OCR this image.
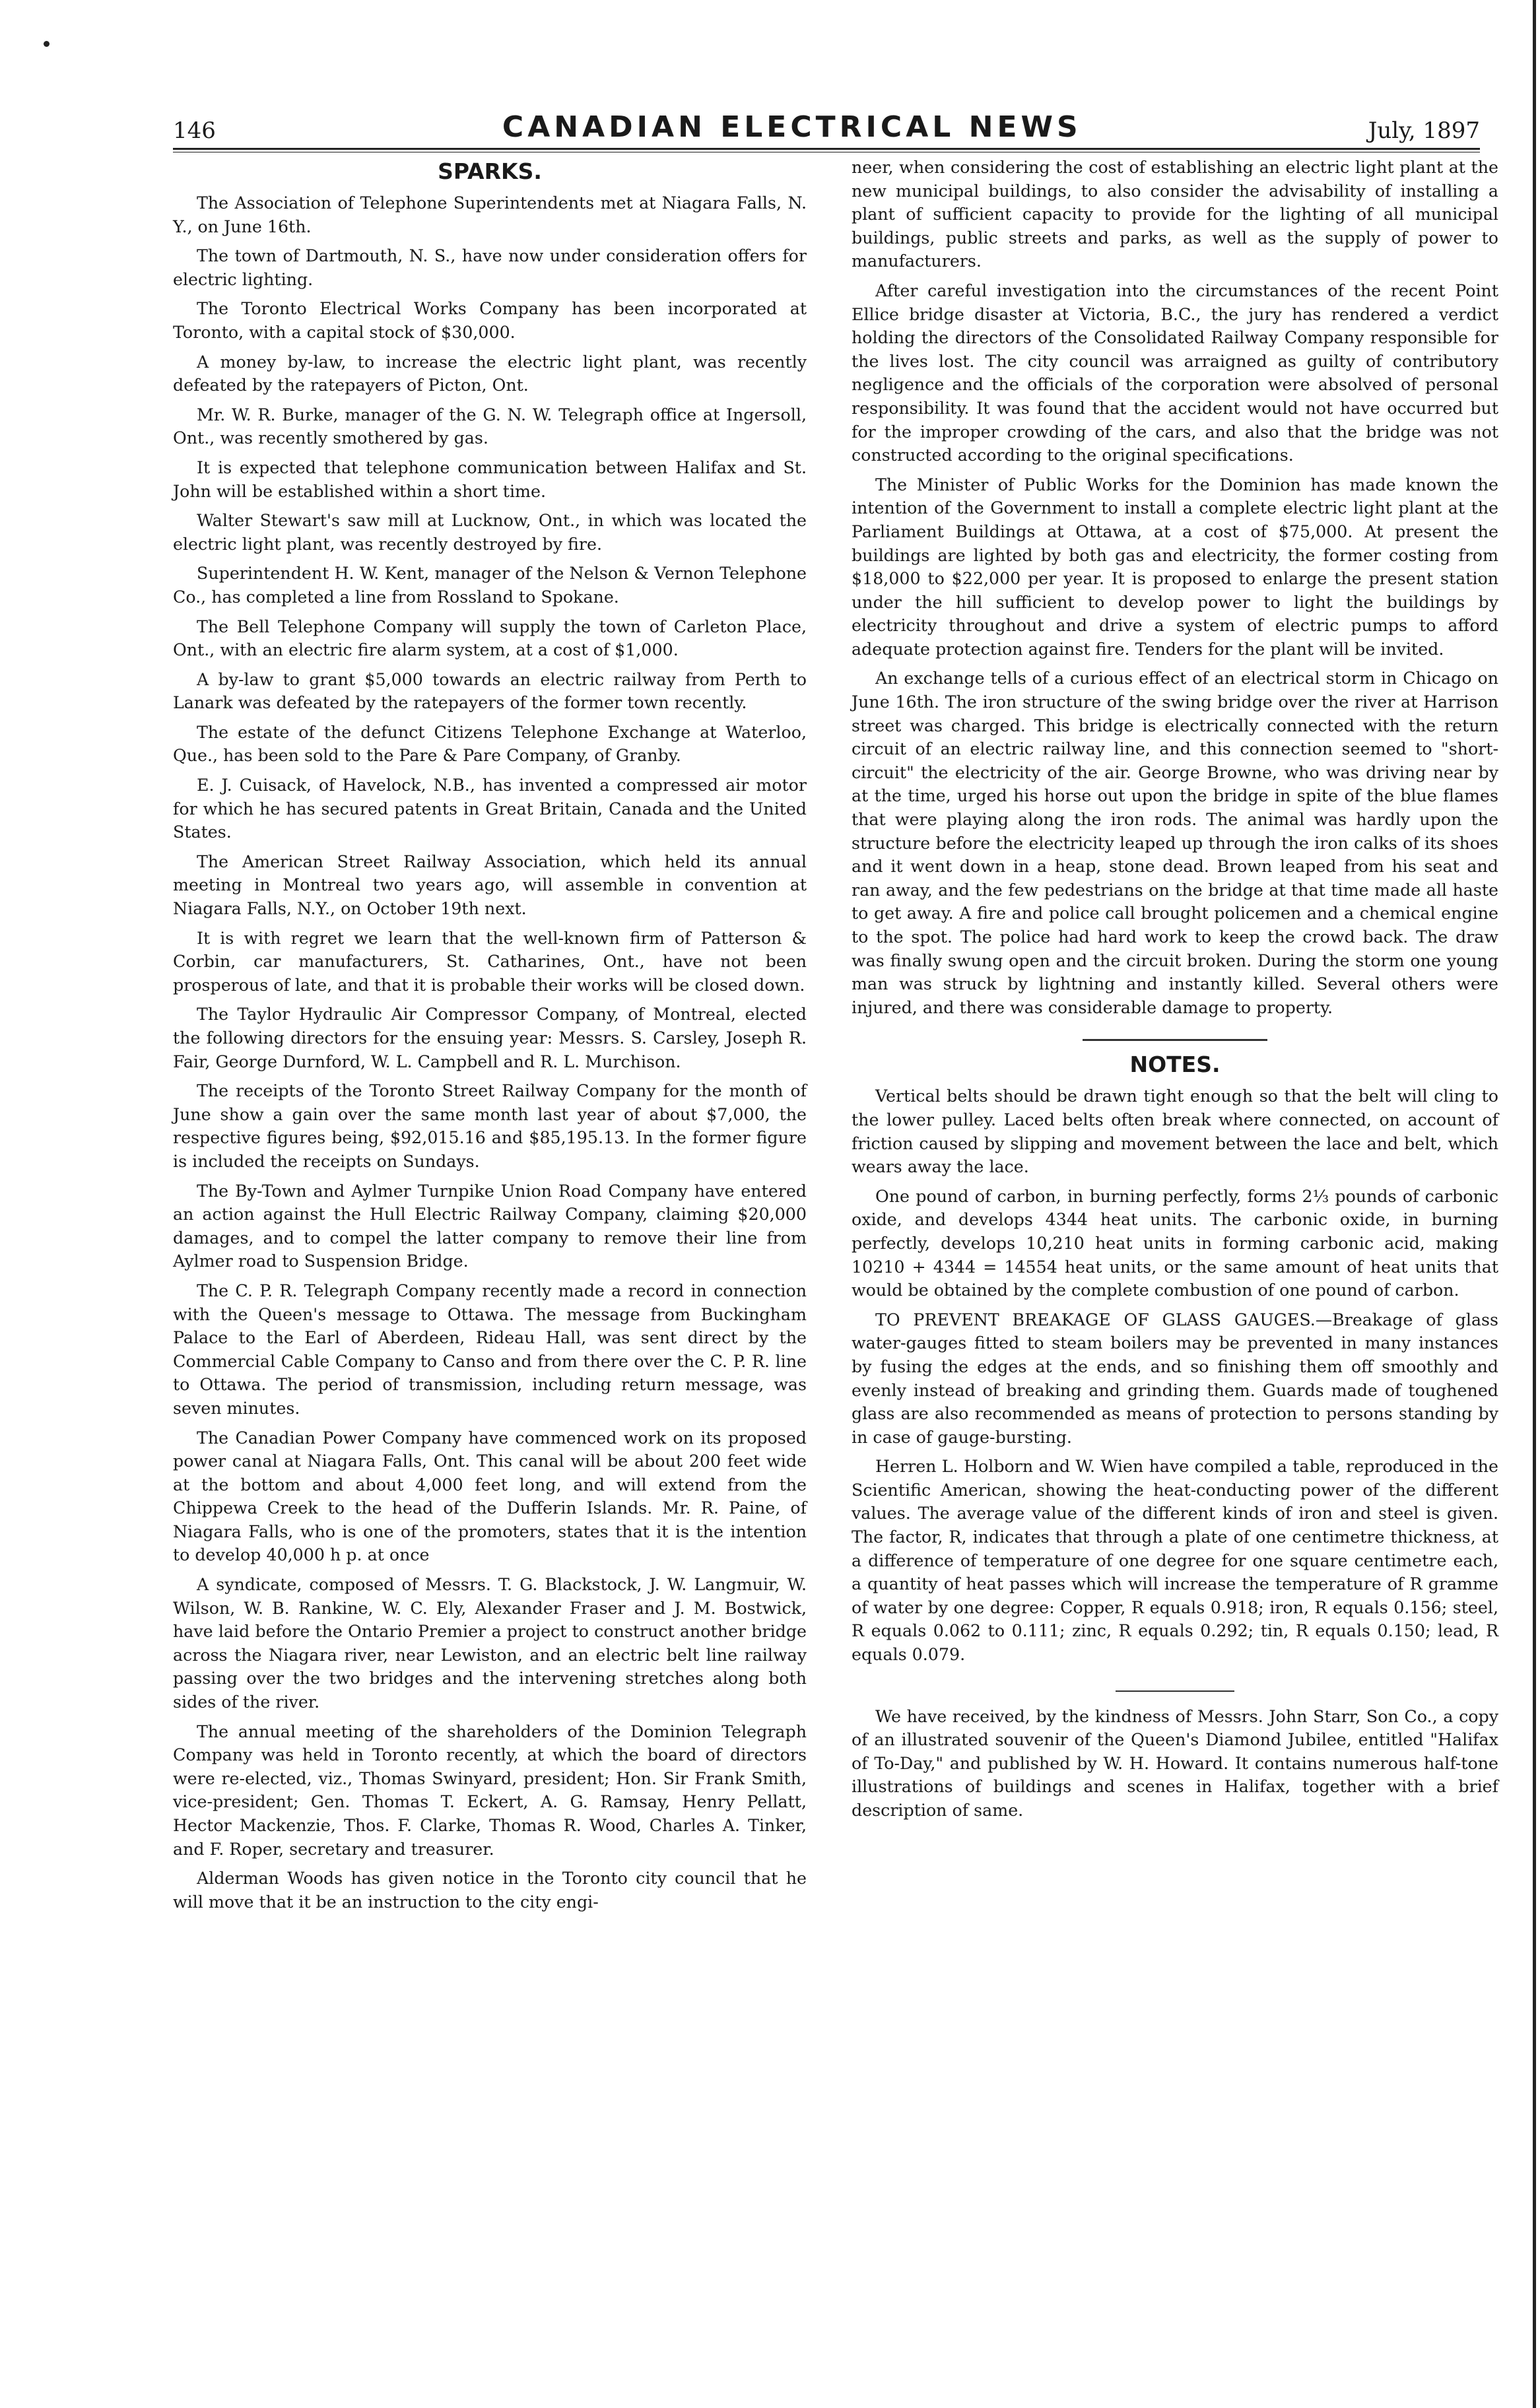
146	CANADIAN ELECTRICAL NEWS	July, 1897
SPARKS.

The Association of Telephone Superintendents met at Niagara Falls, N. Y., on June 16th.

The town of Dartmouth, N. S., have now under consideration offers for electric lighting.

The Toronto Electrical Works Company has been incorporated at Toronto, with a capital stock of $30,000.

A money by-law, to increase the electric light plant, was recently defeated by the ratepayers of Picton, Ont.

Mr. W. R. Burke, manager of the G. N. W. Telegraph office at Ingersoll, Ont., was recently smothered by gas.

It is expected that telephone communication between Halifax and St. John will be established within a short time.

Walter Stewart's saw mill at Lucknow, Ont., in which was located the electric light plant, was recently destroyed by fire.

Superintendent H. W. Kent, manager of the Nelson & Vernon Telephone Co., has completed a line from Rossland to Spokane.

The Bell Telephone Company will supply the town of Carleton Place, Ont., with an electric fire alarm system, at a cost of $1,000.

A by-law to grant $5,000 towards an electric railway from Perth to Lanark was defeated by the ratepayers of the former town recently.

The estate of the defunct Citizens Telephone Exchange at Waterloo, Que., has been sold to the Pare & Pare Company, of Granby.

E. J. Cuisack, of Havelock, N.B., has invented a compressed air motor for which he has secured patents in Great Britain, Canada and the United States.

The American Street Railway Association, which held its annual meeting in Montreal two years ago, will assemble in convention at Niagara Falls, N.Y., on October 19th next.

It is with regret we learn that the well-known firm of Patterson & Corbin, car manufacturers, St. Catharines, Ont., have not been prosperous of late, and that it is probable their works will be closed down.

The Taylor Hydraulic Air Compressor Company, of Montreal, elected the following directors for the ensuing year: Messrs. S. Carsley, Joseph R. Fair, George Durnford, W. L. Campbell and R. L. Murchison.

The receipts of the Toronto Street Railway Company for the month of June show a gain over the same month last year of about $7,000, the respective figures being, $92,015.16 and $85,195.13. In the former figure is included the receipts on Sundays.

The By-Town and Aylmer Turnpike Union Road Company have entered an action against the Hull Electric Railway Company, claiming $20,000 damages, and to compel the latter company to remove their line from Aylmer road to Suspension Bridge.

The C. P. R. Telegraph Company recently made a record in connection with the Queen's message to Ottawa. The message from Buckingham Palace to the Earl of Aberdeen, Rideau Hall, was sent direct by the Commercial Cable Company to Canso and from there over the C. P. R. line to Ottawa. The period of transmission, including return message, was seven minutes.

The Canadian Power Company have commenced work on its proposed power canal at Niagara Falls, Ont. This canal will be about 200 feet wide at the bottom and about 4,000 feet long, and will extend from the Chippewa Creek to the head of the Dufferin Islands. Mr. R. Paine, of Niagara Falls, who is one of the promoters, states that it is the intention to develop 40,000 h p. at once

A syndicate, composed of Messrs. T. G. Blackstock, J. W. Langmuir, W. Wilson, W. B. Rankine, W. C. Ely, Alexander Fraser and J. M. Bostwick, have laid before the Ontario Premier a project to construct another bridge across the Niagara river, near Lewiston, and an electric belt line railway passing over the two bridges and the intervening stretches along both sides of the river.

The annual meeting of the shareholders of the Dominion Telegraph Company was held in Toronto recently, at which the board of directors were re-elected, viz., Thomas Swinyard, president; Hon. Sir Frank Smith, vice-president; Gen. Thomas T. Eckert, A. G. Ramsay, Henry Pellatt, Hector Mackenzie, Thos. F. Clarke, Thomas R. Wood, Charles A. Tinker, and F. Roper, secretary and treasurer.

Alderman Woods has given notice in the Toronto city council that he will move that it be an instruction to the city engi-

neer, when considering the cost of establishing an electric light plant at the new municipal buildings, to also consider the advisability of installing a plant of sufficient capacity to provide for the lighting of all municipal buildings, public streets and parks, as well as the supply of power to manufacturers.

After careful investigation into the circumstances of the recent Point Ellice bridge disaster at Victoria, B.C., the jury has rendered a verdict holding the directors of the Consolidated Railway Company responsible for the lives lost. The city council was arraigned as guilty of contributory negligence and the officials of the corporation were absolved of personal responsibility. It was found that the accident would not have occurred but for the improper crowding of the cars, and also that the bridge was not constructed according to the original specifications.

The Minister of Public Works for the Dominion has made known the intention of the Government to install a complete electric light plant at the Parliament Buildings at Ottawa, at a cost of $75,000. At present the buildings are lighted by both gas and electricity, the former costing from $18,000 to $22,000 per year. It is proposed to enlarge the present station under the hill sufficient to develop power to light the buildings by electricity throughout and drive a system of electric pumps to afford adequate protection against fire. Tenders for the plant will be invited.

An exchange tells of a curious effect of an electrical storm in Chicago on June 16th. The iron structure of the swing bridge over the river at Harrison street was charged. This bridge is electrically connected with the return circuit of an electric railway line, and this connection seemed to "short-circuit" the electricity of the air. George Browne, who was driving near by at the time, urged his horse out upon the bridge in spite of the blue flames that were playing along the iron rods. The animal was hardly upon the structure before the electricity leaped up through the iron calks of its shoes and it went down in a heap, stone dead. Brown leaped from his seat and ran away, and the few pedestrians on the bridge at that time made all haste to get away. A fire and police call brought policemen and a chemical engine to the spot. The police had hard work to keep the crowd back. The draw was finally swung open and the circuit broken. During the storm one young man was struck by lightning and instantly killed. Several others were injured, and there was considerable damage to property.

NOTES.

Vertical belts should be drawn tight enough so that the belt will cling to the lower pulley. Laced belts often break where connected, on account of friction caused by slipping and movement between the lace and belt, which wears away the lace.

One pound of carbon, in burning perfectly, forms 2⅓ pounds of carbonic oxide, and develops 4344 heat units. The carbonic oxide, in burning perfectly, develops 10,210 heat units in forming carbonic acid, making 10210 + 4344 = 14554 heat units, or the same amount of heat units that would be obtained by the complete combustion of one pound of carbon.

TO PREVENT BREAKAGE OF GLASS GAUGES.—Breakage of glass water-gauges fitted to steam boilers may be prevented in many instances by fusing the edges at the ends, and so finishing them off smoothly and evenly instead of breaking and grinding them. Guards made of toughened glass are also recommended as means of protection to persons standing by in case of gauge-bursting.

Herren L. Holborn and W. Wien have compiled a table, reproduced in the Scientific American, showing the heat-conducting power of the different values. The average value of the different kinds of iron and steel is given. The factor, R, indicates that through a plate of one centimetre thickness, at a difference of temperature of one degree for one square centimetre each, a quantity of heat passes which will increase the temperature of R gramme of water by one degree: Copper, R equals 0.918; iron, R equals 0.156; steel, R equals 0.062 to 0.111; zinc, R equals 0.292; tin, R equals 0.150; lead, R equals 0.079.

We have received, by the kindness of Messrs. John Starr, Son Co., a copy of an illustrated souvenir of the Queen's Diamond Jubilee, entitled "Halifax of To-Day," and published by W. H. Howard. It contains numerous half-tone illustrations of buildings and scenes in Halifax, together with a brief description of same.
